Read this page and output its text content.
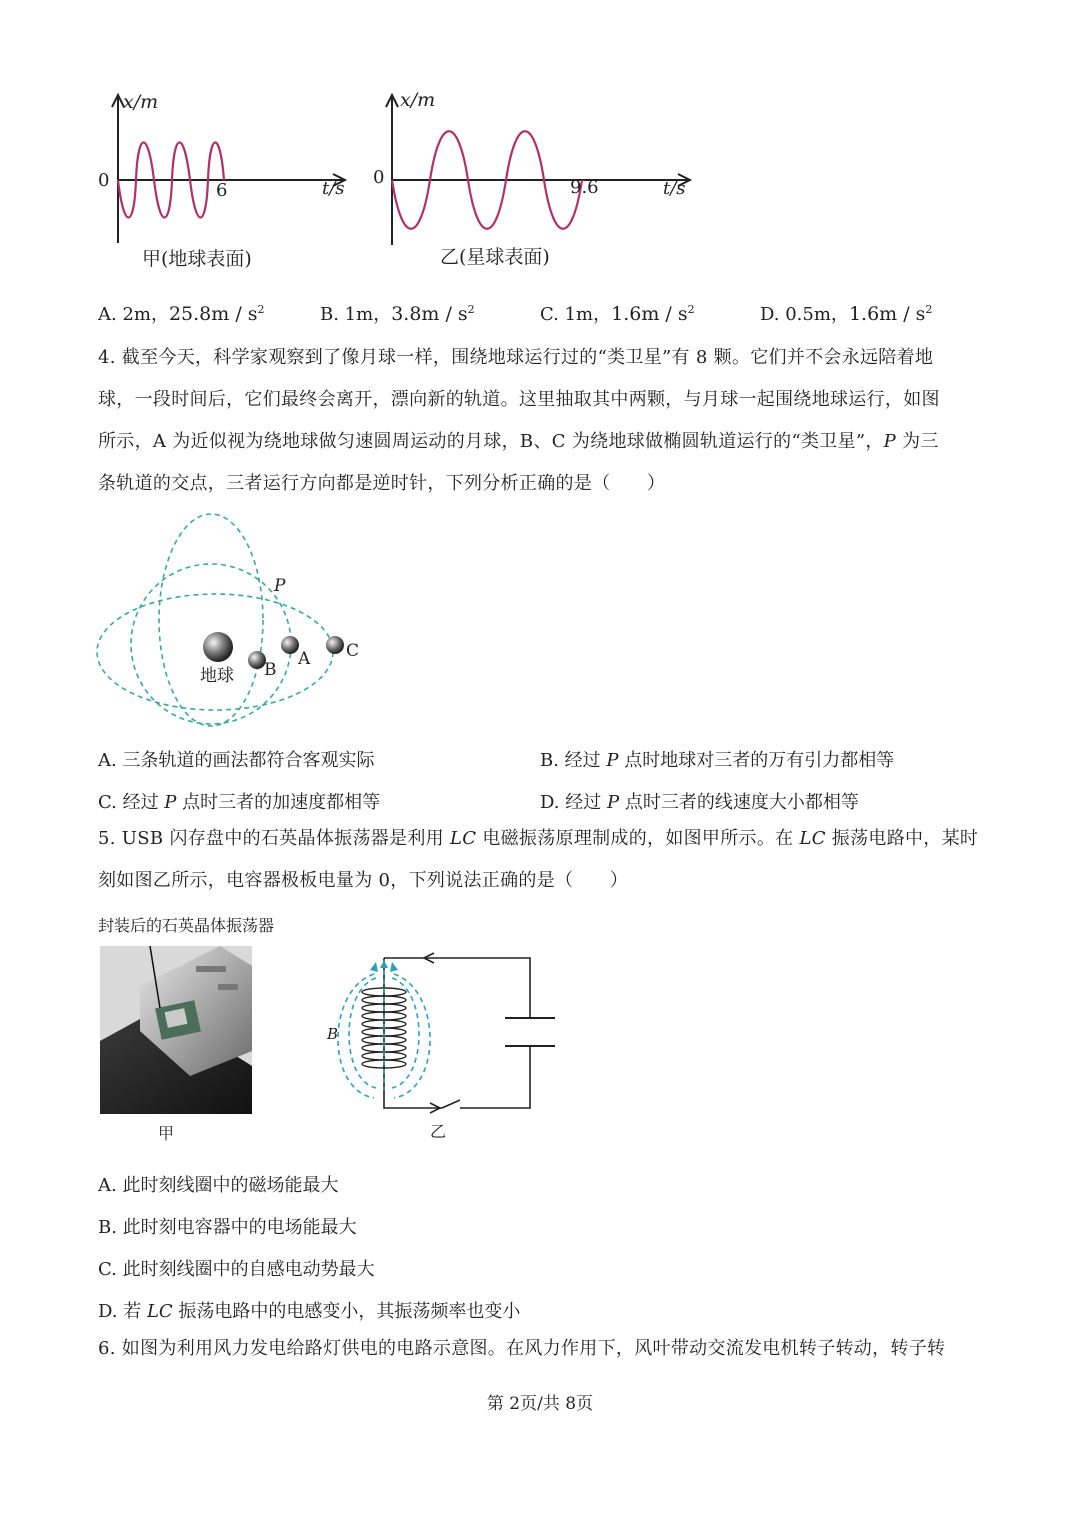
x/m
0	6	t/s
甲(地球表面)
x/m
0	9.6	t/s
乙(星球表面)
A. 2m，$25.8m / s^2$	B. 1m，$3.8m / s^2$	C. 1m，$1.6m / s^2$	D. 0.5m，$1.6m / s^2$
4. 截至今天，科学家观察到了像月球一样，围绕地球运行过的“类卫星”有 8 颗。它们并不会永远陪着地
球，一段时间后，它们最终会离开，漂向新的轨道。这里抽取其中两颗，与月球一起围绕地球运行，如图
所示，A 为近似视为绕地球做匀速圆周运动的月球，B、C 为绕地球做椭圆轨道运行的“类卫星”，P 为三
条轨道的交点，三者运行方向都是逆时针，下列分析正确的是（　　）
P
地球 B
A C
A. 三条轨道的画法都符合客观实际	B. 经过 P 点时地球对三者的万有引力都相等
C. 经过 P 点时三者的加速度都相等	D. 经过 P 点时三者的线速度大小都相等
5. USB 闪存盘中的石英晶体振荡器是利用 LC 电磁振荡原理制成的，如图甲所示。在 LC 振荡电路中，某时
刻如图乙所示，电容器极板电量为 0，下列说法正确的是（　　）
封装后的石英晶体振荡器
甲
B
乙
A. 此时刻线圈中的磁场能最大
B. 此时刻电容器中的电场能最大
C. 此时刻线圈中的自感电动势最大
D. 若 LC 振荡电路中的电感变小，其振荡频率也变小
6. 如图为利用风力发电给路灯供电的电路示意图。在风力作用下，风叶带动交流发电机转子转动，转子转
第 2页/共 8页
